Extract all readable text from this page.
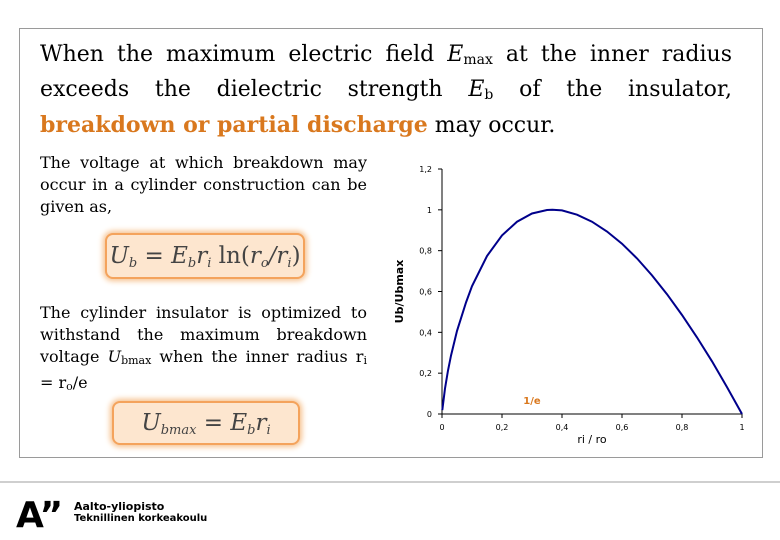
When the maximum electric field $E_{max}$ at the inner radius exceeds the dielectric strength $E_b$ of the insulator, breakdown or partial discharge may occur.

The voltage at which breakdown may occur in a cylinder construction can be given as,

$U_b = E_br_i$ $\ln(r_o/r_i)$

The cylinder insulator is optimized to withstand the maximum breakdown voltage $U_{bmax}$ when the inner radius $r_i = r_o/e$

$U_{bmax} = E_br_i$
0
0,2
0,4
0,6
0,8
1
1,2
0	0,2	0,4	0,6	0,8	1
Ub/Ubmax
ri / ro
1/e
A” Aalto-yliopisto
Teknillinen korkeakoulu
